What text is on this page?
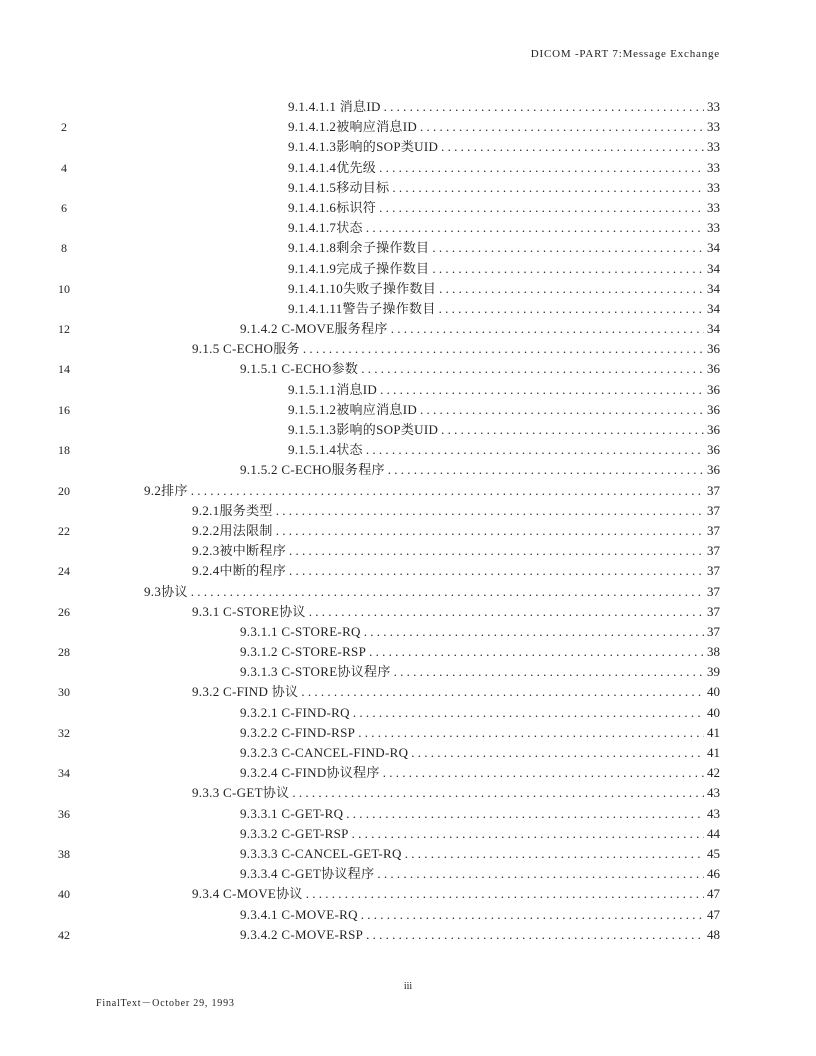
DICOM -PART 7:Message Exchange
9.1.4.1.1 消息ID . . .	33
2	9.1.4.1.2被响应消息ID . . .	33
9.1.4.1.3影响的SOP类UID . . .	33
4	9.1.4.1.4优先级 . . .	33
9.1.4.1.5移动目标 . . .	33
6	9.1.4.1.6标识符 . . .	33
9.1.4.1.7状态 . . .	33
8	9.1.4.1.8剩余子操作数目 . . .	34
9.1.4.1.9完成子操作数目 . . .	34
10	9.1.4.1.10失败子操作数目 . . .	34
9.1.4.1.11警告子操作数目 . . .	34
12	9.1.4.2 C-MOVE服务程序 . . .	34
9.1.5 C-ECHO服务 . . .	36
14	9.1.5.1 C-ECHO参数 . . .	36
9.1.5.1.1消息ID . . .	36
16	9.1.5.1.2被响应消息ID . . .	36
9.1.5.1.3影响的SOP类UID . . .	36
18	9.1.5.1.4状态 . . .	36
9.1.5.2 C-ECHO服务程序 . . .	36
20	9.2排序 . . .	37
9.2.1服务类型 . . .	37
22	9.2.2用法限制 . . .	37
9.2.3被中断程序 . . .	37
24	9.2.4中断的程序 . . .	37
9.3协议 . . .	37
26	9.3.1 C-STORE协议 . . .	37
9.3.1.1 C-STORE-RQ . . .	37
28	9.3.1.2 C-STORE-RSP . . .	38
9.3.1.3 C-STORE协议程序 . . .	39
30	9.3.2 C-FIND 协议 . . .	40
9.3.2.1 C-FIND-RQ . . .	40
32	9.3.2.2 C-FIND-RSP . . .	41
9.3.2.3 C-CANCEL-FIND-RQ . . .	41
34	9.3.2.4 C-FIND协议程序 . . .	42
9.3.3 C-GET协议 . . .	43
36	9.3.3.1 C-GET-RQ . . .	43
9.3.3.2 C-GET-RSP . . .	44
38	9.3.3.3 C-CANCEL-GET-RQ . . .	45
9.3.3.4 C-GET协议程序 . . .	46
40	9.3.4 C-MOVE协议 . . .	47
9.3.4.1 C-MOVE-RQ . . .	47
42	9.3.4.2 C-MOVE-RSP . . .	48
iii
FinalText－October 29, 1993
